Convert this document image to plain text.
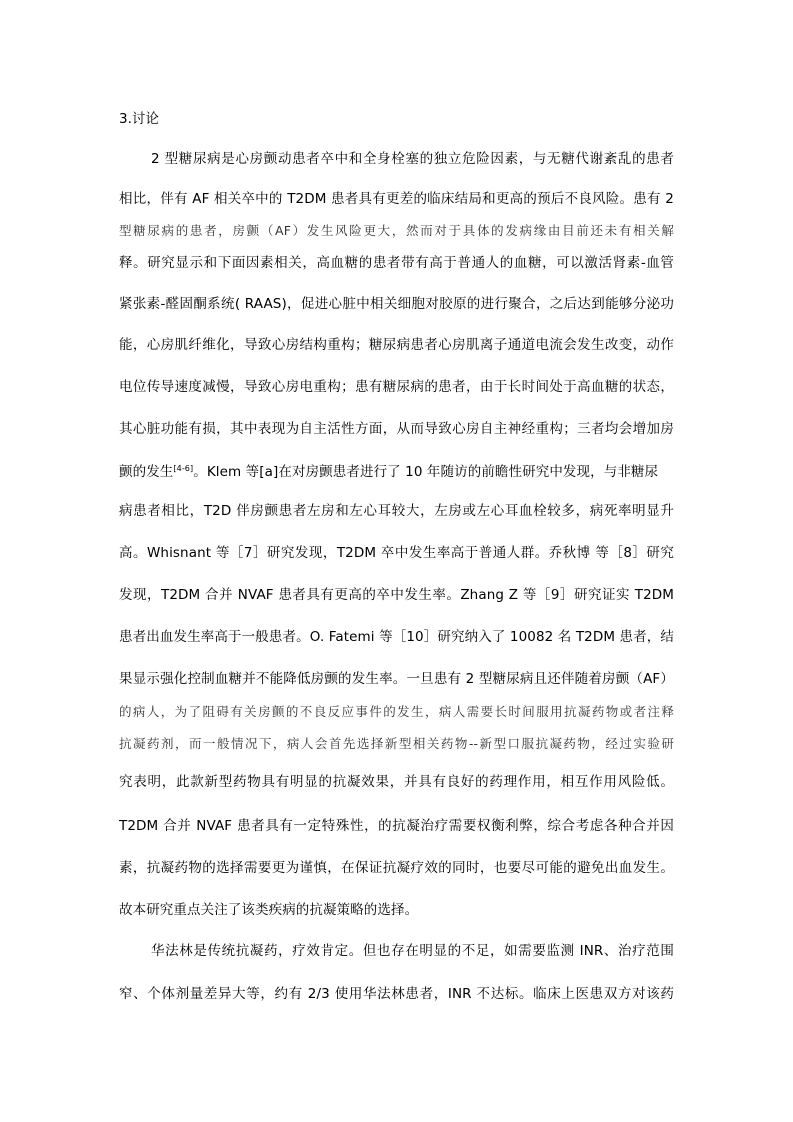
3.讨论
2 型糖尿病是心房颤动患者卒中和全身栓塞的独立危险因素，与无糖代谢紊乱的患者
相比，伴有 AF 相关卒中的 T2DM 患者具有更差的临床结局和更高的预后不良风险。患有 2
型糖尿病的患者，房颤（AF）发生风险更大，然而对于具体的发病缘由目前还未有相关解
释。研究显示和下面因素相关，高血糖的患者带有高于普通人的血糖，可以激活肾素-血管
紧张素-醛固酮系统( RAAS)，促进心脏中相关细胞对胶原的进行聚合，之后达到能够分泌功
能，心房肌纤维化，导致心房结构重构；糖尿病患者心房肌离子通道电流会发生改变，动作
电位传导速度减慢，导致心房电重构；患有糖尿病的患者，由于长时间处于高血糖的状态，
其心脏功能有损，其中表现为自主活性方面，从而导致心房自主神经重构；三者均会增加房
颤的发生[4-6]。Klem 等[a]在对房颤患者进行了 10 年随访的前瞻性研究中发现，与非糖尿
病患者相比，T2D 伴房颤患者左房和左心耳较大，左房或左心耳血栓较多，病死率明显升
高。Whisnant 等［7］研究发现，T2DM 卒中发生率高于普通人群。乔秋博 等［8］研究
发现，T2DM 合并 NVAF 患者具有更高的卒中发生率。Zhang Z 等［9］研究证实 T2DM
患者出血发生率高于一般患者。O. Fatemi 等［10］研究纳入了 10082 名 T2DM 患者，结
果显示强化控制血糖并不能降低房颤的发生率。一旦患有 2 型糖尿病且还伴随着房颤（AF）
的病人，为了阻碍有关房颤的不良反应事件的发生，病人需要长时间服用抗凝药物或者注释
抗凝药剂，而一般情况下，病人会首先选择新型相关药物--新型口服抗凝药物，经过实验研
究表明，此款新型药物具有明显的抗凝效果，并具有良好的药理作用，相互作用风险低。
T2DM 合并 NVAF 患者具有一定特殊性，的抗凝治疗需要权衡利弊，综合考虑各种合并因
素，抗凝药物的选择需要更为谨慎，在保证抗凝疗效的同时，也要尽可能的避免出血发生。
故本研究重点关注了该类疾病的抗凝策略的选择。
华法林是传统抗凝药，疗效肯定。但也存在明显的不足，如需要监测 INR、治疗范围
窄、个体剂量差异大等，约有 2/3 使用华法林患者，INR 不达标。临床上医患双方对该药
